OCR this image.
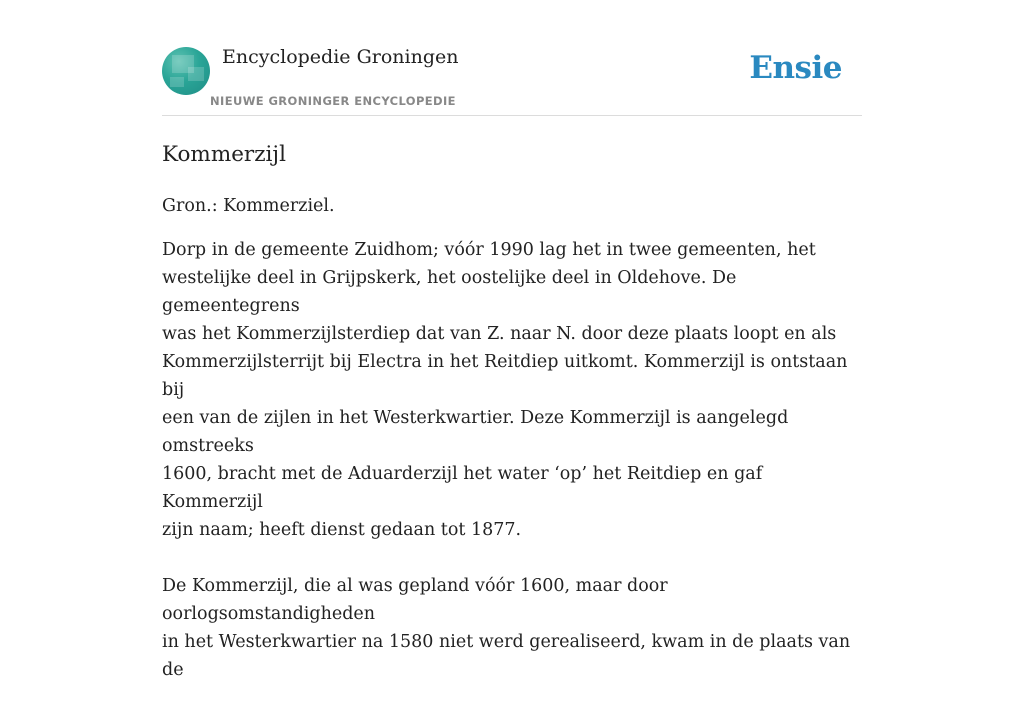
Encyclopedie Groningen
NIEUWE GRONINGER ENCYCLOPEDIE
Ensie
Kommerzijl

Gron.: Kommerziel.

Dorp in de gemeente Zuidhom; vóór 1990 lag het in twee gemeenten, het
westelijke deel in Grijpskerk, het oostelijke deel in Oldehove. De gemeentegrens
was het Kommerzijlsterdiep dat van Z. naar N. door deze plaats loopt en als
Kommerzijlsterrijt bij Electra in het Reitdiep uitkomt. Kommerzijl is ontstaan bij
een van de zijlen in het Westerkwartier. Deze Kommerzijl is aangelegd omstreeks
1600, bracht met de Aduarderzijl het water ‘op’ het Reitdiep en gaf Kommerzijl
zijn naam; heeft dienst gedaan tot 1877.

De Kommerzijl, die al was gepland vóór 1600, maar door oorlogsomstandigheden
in het Westerkwartier na 1580 niet werd gerealiseerd, kwam in de plaats van de
